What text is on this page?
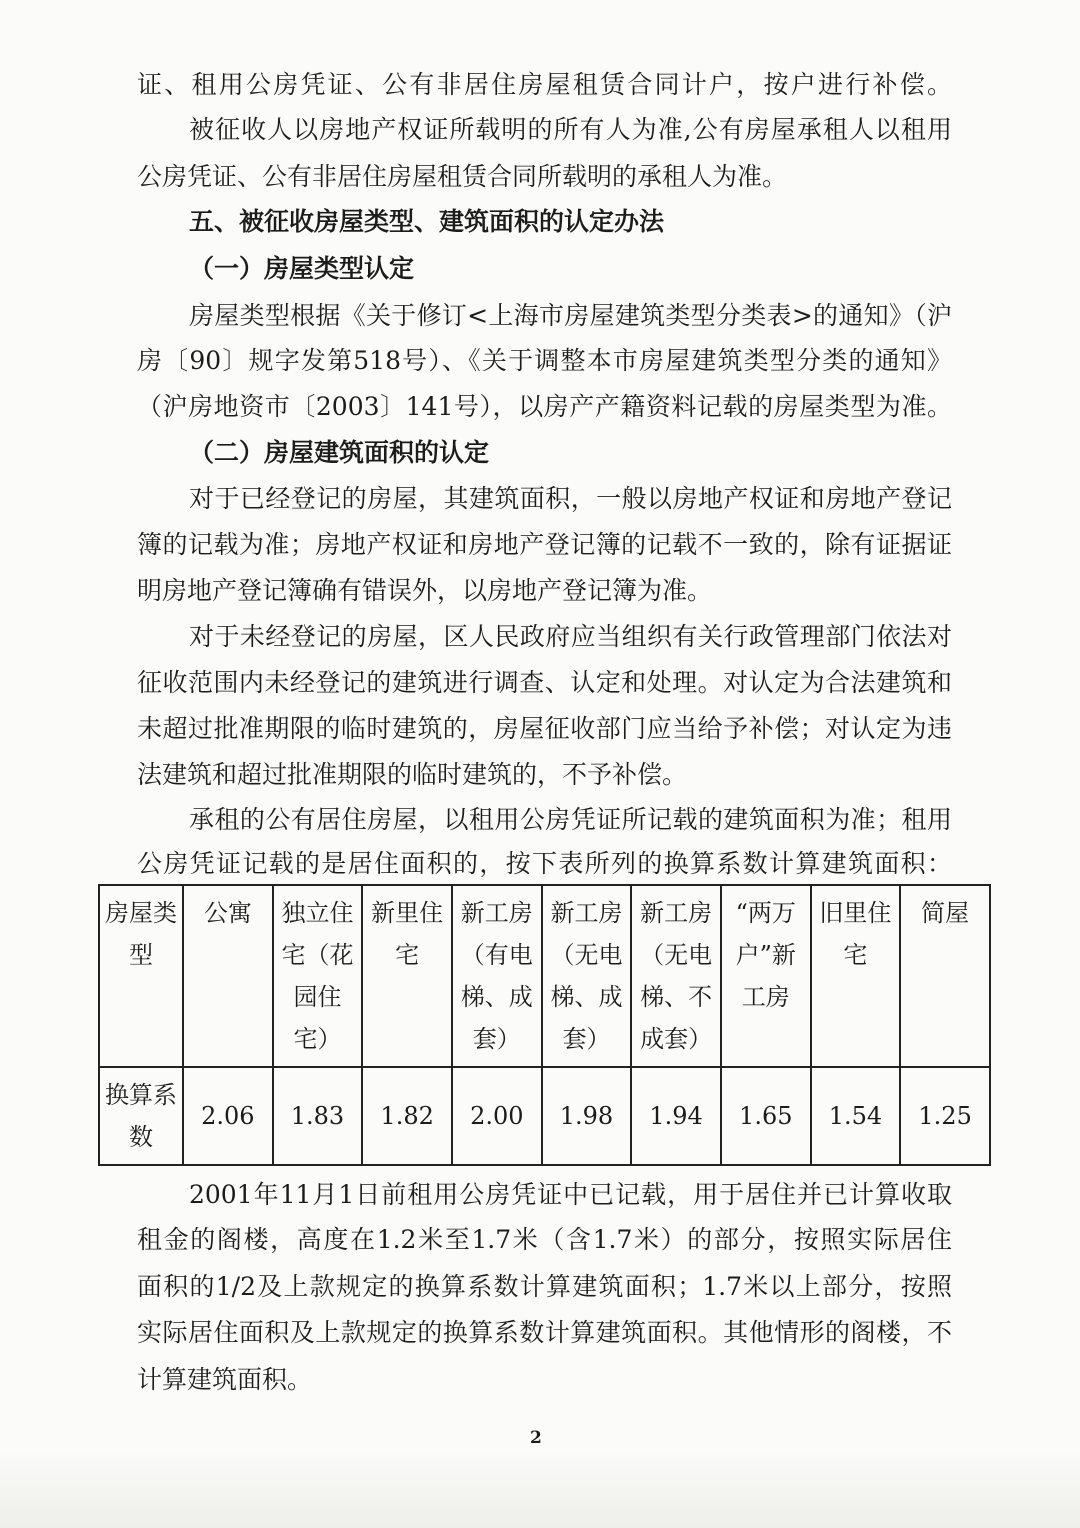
证、租用公房凭证、公有非居住房屋租赁合同计户，按户进行补偿。
被征收人以房地产权证所载明的所有人为准,公有房屋承租人以租用
公房凭证、公有非居住房屋租赁合同所载明的承租人为准。
五、被征收房屋类型、建筑面积的认定办法
（一）房屋类型认定
房屋类型根据《关于修订<上海市房屋建筑类型分类表>的通知》（沪
房〔90〕规字发第518号）、《关于调整本市房屋建筑类型分类的通知》
（沪房地资市〔2003〕141号），以房产产籍资料记载的房屋类型为准。
（二）房屋建筑面积的认定
对于已经登记的房屋，其建筑面积，一般以房地产权证和房地产登记
簿的记载为准；房地产权证和房地产登记簿的记载不一致的，除有证据证
明房地产登记簿确有错误外，以房地产登记簿为准。
对于未经登记的房屋，区人民政府应当组织有关行政管理部门依法对
征收范围内未经登记的建筑进行调查、认定和处理。对认定为合法建筑和
未超过批准期限的临时建筑的，房屋征收部门应当给予补偿；对认定为违
法建筑和超过批准期限的临时建筑的，不予补偿。
承租的公有居住房屋，以租用公房凭证所记载的建筑面积为准；租用
公房凭证记载的是居住面积的，按下表所列的换算系数计算建筑面积：
房屋类型	公寓	独立住宅（花园住宅）	新里住宅	新工房（有电梯、成套）	新工房（无电梯、成套）	新工房（无电梯、不成套）	“两万户”新工房	旧里住宅	简屋
换算系数	2.06	1.83	1.82	2.00	1.98	1.94	1.65	1.54	1.25
2001年11月1日前租用公房凭证中已记载，用于居住并已计算收取
租金的阁楼，高度在1.2米至1.7米（含1.7米）的部分，按照实际居住
面积的1/2及上款规定的换算系数计算建筑面积；1.7米以上部分，按照
实际居住面积及上款规定的换算系数计算建筑面积。其他情形的阁楼，不
计算建筑面积。
2
